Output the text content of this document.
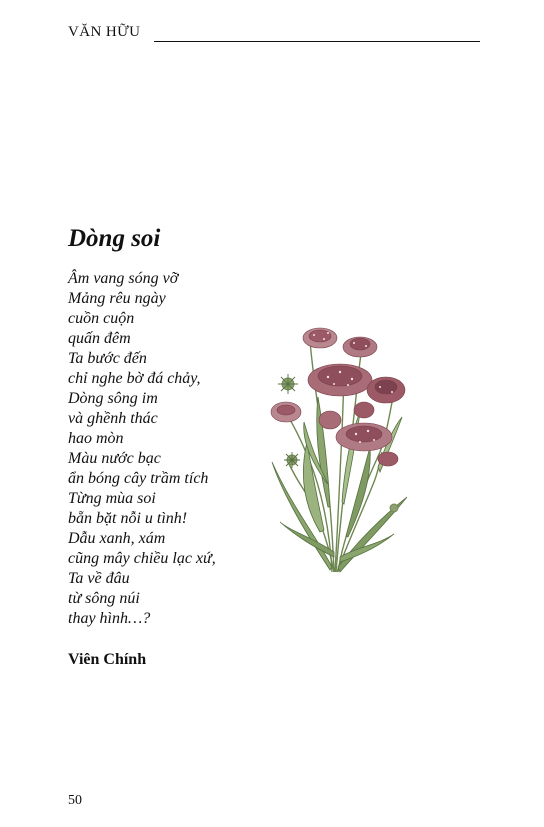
VĂN HỮU
Dòng soi
Âm vang sóng vỡ
Mảng rêu ngày
cuồn cuộn
quấn đêm
Ta bước đến
chỉ nghe bờ đá chảy,
Dòng sông im
và ghềnh thác
hao mòn
Màu nước bạc
ẩn bóng cây trầm tích
Từng mùa soi
bẵn bặt nỗi u tình!
Dẫu xanh, xám
cũng mây chiều lạc xứ,
Ta về đâu
từ sông núi
thay hình…?
Viên Chính
50
